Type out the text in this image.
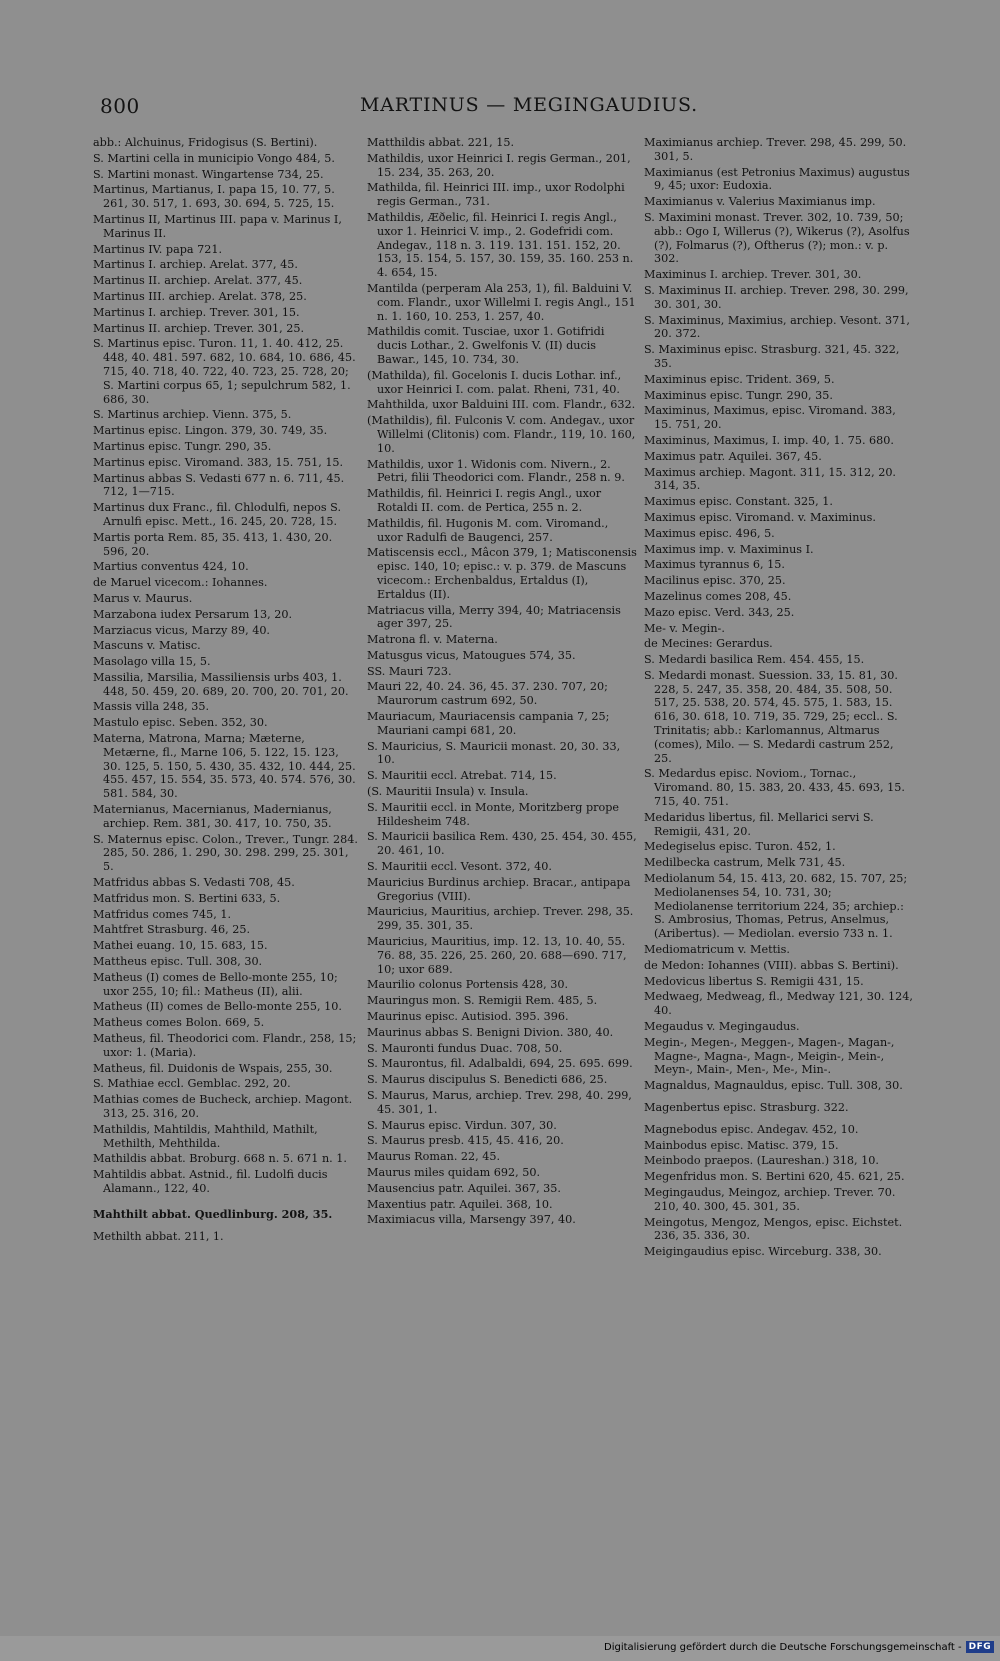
800	MARTINUS — MEGINGAUDIUS.
abb.: Alchuinus, Fridogisus (S. Bertini).
S. Martini cella in municipio Vongo 484, 5.
S. Martini monast. Wingartense 734, 25.
Martinus, Martianus, I. papa 15, 10. 77, 5. 261, 30. 517, 1. 693, 30. 694, 5. 725, 15.
Martinus II, Martinus III. papa v. Marinus I, Marinus II.
Martinus IV. papa 721.
Martinus I. archiep. Arelat. 377, 45.
Martinus II. archiep. Arelat. 377, 45.
Martinus III. archiep. Arelat. 378, 25.
Martinus I. archiep. Trever. 301, 15.
Martinus II. archiep. Trever. 301, 25.
S. Martinus episc. Turon. 11, 1. 40. 412, 25. 448, 40. 481. 597. 682, 10. 684, 10. 686, 45. 715, 40. 718, 40. 722, 40. 723, 25. 728, 20; S. Martini corpus 65, 1; sepulchrum 582, 1. 686, 30.
S. Martinus archiep. Vienn. 375, 5.
Martinus episc. Lingon. 379, 30. 749, 35.
Martinus episc. Tungr. 290, 35.
Martinus episc. Viromand. 383, 15. 751, 15.
Martinus abbas S. Vedasti 677 n. 6. 711, 45. 712, 1—715.
Martinus dux Franc., fil. Chlodulfi, nepos S. Arnulfi episc. Mett., 16. 245, 20. 728, 15.
Martis porta Rem. 85, 35. 413, 1. 430, 20. 596, 20.
Martius conventus 424, 10.
de Maruel vicecom.: Iohannes.
Marus v. Maurus.
Marzabona iudex Persarum 13, 20.
Marziacus vicus, Marzy 89, 40.
Mascuns v. Matisc.
Masolago villa 15, 5.
Massilia, Marsilia, Massiliensis urbs 403, 1. 448, 50. 459, 20. 689, 20. 700, 20. 701, 20.
Massis villa 248, 35.
Mastulo episc. Seben. 352, 30.
Materna, Matrona, Marna; Mæterne, Metærne, fl., Marne 106, 5. 122, 15. 123, 30. 125, 5. 150, 5. 430, 35. 432, 10. 444, 25. 455. 457, 15. 554, 35. 573, 40. 574. 576, 30. 581. 584, 30.
Maternianus, Macernianus, Madernianus, archiep. Rem. 381, 30. 417, 10. 750, 35.
S. Maternus episc. Colon., Trever., Tungr. 284. 285, 50. 286, 1. 290, 30. 298. 299, 25. 301, 5.
Matfridus abbas S. Vedasti 708, 45.
Matfridus mon. S. Bertini 633, 5.
Matfridus comes 745, 1.
Mahtfret Strasburg. 46, 25.
Mathei euang. 10, 15. 683, 15.
Mattheus episc. Tull. 308, 30.
Matheus (I) comes de Bello-monte 255, 10; uxor 255, 10; fil.: Matheus (II), alii.
Matheus (II) comes de Bello-monte 255, 10.
Matheus comes Bolon. 669, 5.
Matheus, fil. Theodorici com. Flandr., 258, 15; uxor: 1. (Maria).
Matheus, fil. Duidonis de Wspais, 255, 30.
S. Mathiae eccl. Gemblac. 292, 20.
Mathias comes de Bucheck, archiep. Magont. 313, 25. 316, 20.
Mathildis, Mahtildis, Mahthild, Mathilt, Methilth, Mehthilda.
Mathildis abbat. Broburg. 668 n. 5. 671 n. 1.
Mahtildis abbat. Astnid., fil. Ludolfi ducis Alamann., 122, 40.
Mahthilt abbat. Quedlinburg. 208, 35.
Methilth abbat. 211, 1.
Matthildis abbat. 221, 15.
Mathildis, uxor Heinrici I. regis German., 201, 15. 234, 35. 263, 20.
Mathilda, fil. Heinrici III. imp., uxor Rodolphi regis German., 731.
Mathildis, Æðelic, fil. Heinrici I. regis Angl., uxor 1. Heinrici V. imp., 2. Godefridi com. Andegav., 118 n. 3. 119. 131. 151. 152, 20. 153, 15. 154, 5. 157, 30. 159, 35. 160. 253 n. 4. 654, 15.
Mantilda (perperam Ala 253, 1), fil. Balduini V. com. Flandr., uxor Willelmi I. regis Angl., 151 n. 1. 160, 10. 253, 1. 257, 40.
Mathildis comit. Tusciae, uxor 1. Gotifridi ducis Lothar., 2. Gwelfonis V. (II) ducis Bawar., 145, 10. 734, 30.
(Mathilda), fil. Gocelonis I. ducis Lothar. inf., uxor Heinrici I. com. palat. Rheni, 731, 40.
Mahthilda, uxor Balduini III. com. Flandr., 632.
(Mathildis), fil. Fulconis V. com. Andegav., uxor Willelmi (Clitonis) com. Flandr., 119, 10. 160, 10.
Mathildis, uxor 1. Widonis com. Nivern., 2. Petri, filii Theodorici com. Flandr., 258 n. 9.
Mathildis, fil. Heinrici I. regis Angl., uxor Rotaldi II. com. de Pertica, 255 n. 2.
Mathildis, fil. Hugonis M. com. Viromand., uxor Radulfi de Baugenci, 257.
Matiscensis eccl., Mâcon 379, 1; Matisconensis episc. 140, 10; episc.: v. p. 379. de Mascuns vicecom.: Erchenbaldus, Ertaldus (I), Ertaldus (II).
Matriacus villa, Merry 394, 40; Matriacensis ager 397, 25.
Matrona fl. v. Materna.
Matusgus vicus, Matougues 574, 35.
SS. Mauri 723.
Mauri 22, 40. 24. 36, 45. 37. 230. 707, 20; Maurorum castrum 692, 50.
Mauriacum, Mauriacensis campania 7, 25; Mauriani campi 681, 20.
S. Mauricius, S. Mauricii monast. 20, 30. 33, 10.
S. Mauritii eccl. Atrebat. 714, 15.
(S. Mauritii Insula) v. Insula.
S. Mauritii eccl. in Monte, Moritzberg prope Hildesheim 748.
S. Mauricii basilica Rem. 430, 25. 454, 30. 455, 20. 461, 10.
S. Mauritii eccl. Vesont. 372, 40.
Mauricius Burdinus archiep. Bracar., antipapa Gregorius (VIII).
Mauricius, Mauritius, archiep. Trever. 298, 35. 299, 35. 301, 35.
Mauricius, Mauritius, imp. 12. 13, 10. 40, 55. 76. 88, 35. 226, 25. 260, 20. 688—690. 717, 10; uxor 689.
Maurilio colonus Portensis 428, 30.
Mauringus mon. S. Remigii Rem. 485, 5.
Maurinus episc. Autisiod. 395. 396.
Maurinus abbas S. Benigni Divion. 380, 40.
S. Mauronti fundus Duac. 708, 50.
S. Maurontus, fil. Adalbaldi, 694, 25. 695. 699.
S. Maurus discipulus S. Benedicti 686, 25.
S. Maurus, Marus, archiep. Trev. 298, 40. 299, 45. 301, 1.
S. Maurus episc. Virdun. 307, 30.
S. Maurus presb. 415, 45. 416, 20.
Maurus Roman. 22, 45.
Maurus miles quidam 692, 50.
Mausencius patr. Aquilei. 367, 35.
Maxentius patr. Aquilei. 368, 10.
Maximiacus villa, Marsengy 397, 40.
Maximianus archiep. Trever. 298, 45. 299, 50. 301, 5.
Maximianus (est Petronius Maximus) augustus 9, 45; uxor: Eudoxia.
Maximianus v. Valerius Maximianus imp.
S. Maximini monast. Trever. 302, 10. 739, 50; abb.: Ogo I, Willerus (?), Wikerus (?), Asolfus (?), Folmarus (?), Oftherus (?); mon.: v. p. 302.
Maximinus I. archiep. Trever. 301, 30.
S. Maximinus II. archiep. Trever. 298, 30. 299, 30. 301, 30.
S. Maximinus, Maximius, archiep. Vesont. 371, 20. 372.
S. Maximinus episc. Strasburg. 321, 45. 322, 35.
Maximinus episc. Trident. 369, 5.
Maximinus episc. Tungr. 290, 35.
Maximinus, Maximus, episc. Viromand. 383, 15. 751, 20.
Maximinus, Maximus, I. imp. 40, 1. 75. 680.
Maximus patr. Aquilei. 367, 45.
Maximus archiep. Magont. 311, 15. 312, 20. 314, 35.
Maximus episc. Constant. 325, 1.
Maximus episc. Viromand. v. Maximinus.
Maximus episc. 496, 5.
Maximus imp. v. Maximinus I.
Maximus tyrannus 6, 15.
Macilinus episc. 370, 25.
Mazelinus comes 208, 45.
Mazo episc. Verd. 343, 25.
Me- v. Megin-.
de Mecines: Gerardus.
S. Medardi basilica Rem. 454. 455, 15.
S. Medardi monast. Suession. 33, 15. 81, 30. 228, 5. 247, 35. 358, 20. 484, 35. 508, 50. 517, 25. 538, 20. 574, 45. 575, 1. 583, 15. 616, 30. 618, 10. 719, 35. 729, 25; eccl.. S. Trinitatis; abb.: Karlomannus, Altmarus (comes), Milo. — S. Medardi castrum 252, 25.
S. Medardus episc. Noviom., Tornac., Viromand. 80, 15. 383, 20. 433, 45. 693, 15. 715, 40. 751.
Medaridus libertus, fil. Mellarici servi S. Remigii, 431, 20.
Medegiselus episc. Turon. 452, 1.
Medilbecka castrum, Melk 731, 45.
Mediolanum 54, 15. 413, 20. 682, 15. 707, 25; Mediolanenses 54, 10. 731, 30; Mediolanense territorium 224, 35; archiep.: S. Ambrosius, Thomas, Petrus, Anselmus, (Aribertus). — Mediolan. eversio 733 n. 1.
Mediomatricum v. Mettis.
de Medon: Iohannes (VIII). abbas S. Bertini).
Medovicus libertus S. Remigii 431, 15.
Medwaeg, Medweag, fl., Medway 121, 30. 124, 40.
Megaudus v. Megingaudus.
Megin-, Megen-, Meggen-, Magen-, Magan-, Magne-, Magna-, Magn-, Meigin-, Mein-, Meyn-, Main-, Men-, Me-, Min-.
Magnaldus, Magnauldus, episc. Tull. 308, 30.
Magenbertus episc. Strasburg. 322.
Magnebodus episc. Andegav. 452, 10.
Mainbodus episc. Matisc. 379, 15.
Meinbodo praepos. (Laureshan.) 318, 10.
Megenfridus mon. S. Bertini 620, 45. 621, 25.
Megingaudus, Meingoz, archiep. Trever. 70. 210, 40. 300, 45. 301, 35.
Meingotus, Mengoz, Mengos, episc. Eichstet. 236, 35. 336, 30.
Meigingaudius episc. Wirceburg. 338, 30.
Digitalisierung gefördert durch die Deutsche Forschungsgemeinschaft - DFG
